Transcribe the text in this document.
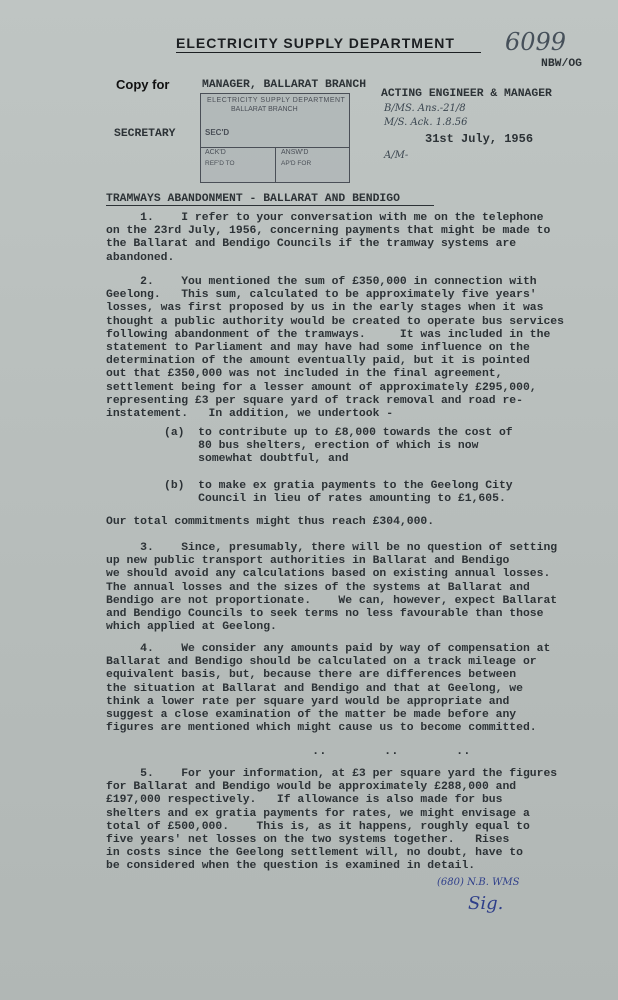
ELECTRICITY SUPPLY DEPARTMENT 6099
NBW/OG
Copy for	MANAGER, BALLARAT BRANCH
ACTING ENGINEER & MANAGER
SECRETARY	31st July, 1956
ELECTRICITY SUPPLY DEPARTMENT
BALLARAT BRANCH
SEC'D
ACK'D
REF'D TO
ANSW'D
AP'D FOR
B/MS. Ans.-21/8
M/S. Ack. 1.8.56
A/M-
TRAMWAYS ABANDONMENT - BALLARAT AND BENDIGO
1.    I refer to your conversation with me on the telephone
on the 23rd July, 1956, concerning payments that might be made to
the Ballarat and Bendigo Councils if the tramway systems are
abandoned.
2.    You mentioned the sum of £350,000 in connection with
Geelong.   This sum, calculated to be approximately five years'
losses, was first proposed by us in the early stages when it was
thought a public authority would be created to operate bus services
following abandonment of the tramways.     It was included in the
statement to Parliament and may have had some influence on the
determination of the amount eventually paid, but it is pointed
out that £350,000 was not included in the final agreement,
settlement being for a lesser amount of approximately £295,000,
representing £3 per square yard of track removal and road re-
instatement.   In addition, we undertook -
(a)  to contribute up to £8,000 towards the cost of
80 bus shelters, erection of which is now
somewhat doubtful, and
(b)  to make ex gratia payments to the Geelong City
Council in lieu of rates amounting to £1,605.
Our total commitments might thus reach £304,000.
3.    Since, presumably, there will be no question of setting
up new public transport authorities in Ballarat and Bendigo
we should avoid any calculations based on existing annual losses.
The annual losses and the sizes of the systems at Ballarat and
Bendigo are not proportionate.    We can, however, expect Ballarat
and Bendigo Councils to seek terms no less favourable than those
which applied at Geelong.
4.    We consider any amounts paid by way of compensation at
Ballarat and Bendigo should be calculated on a track mileage or
equivalent basis, but, because there are differences between
the situation at Ballarat and Bendigo and that at Geelong, we
think a lower rate per square yard would be appropriate and
suggest a close examination of the matter be made before any
figures are mentioned which might cause us to become committed.
..        ..        ..
5.    For your information, at £3 per square yard the figures
for Ballarat and Bendigo would be approximately £288,000 and
£197,000 respectively.   If allowance is also made for bus
shelters and ex gratia payments for rates, we might envisage a
total of £500,000.    This is, as it happens, roughly equal to
five years' net losses on the two systems together.   Rises
in costs since the Geelong settlement will, no doubt, have to
be considered when the question is examined in detail.
(680) N.B. WMS
Sig.
